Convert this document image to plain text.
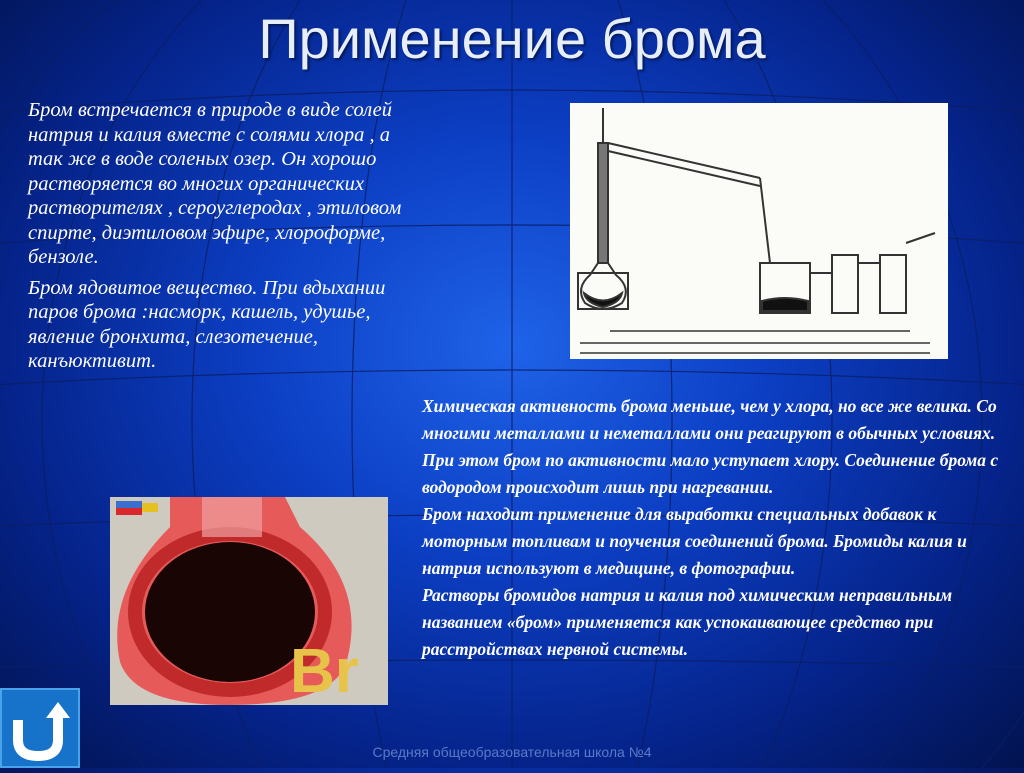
Применение брома

Бром встречается в природе в виде солей натрия и калия вместе с солями хлора , а так же в воде соленых озер. Он хорошо растворяется во многих органических растворителях , сероуглеродах , этиловом спирте, диэтиловом эфире, хлороформе, бензоле.

Бром ядовитое вещество. При вдыхании паров брома :насморк, кашель, удушье, явление бронхита, слезотечение, канъюктивит.

Химическая активность брома меньше, чем у хлора, но все же велика. Со многими металлами и неметаллами они реагируют в обычных условиях. При этом бром по активности мало уступает хлору. Соединение брома с водородом происходит лишь при нагревании.

Бром находит применение для выработки специальных добавок к моторным топливам и поучения соединений брома. Бромиды калия и натрия используют в медицине, в фотографии.

Растворы бромидов натрия и калия под химическим неправильным названием «бром» применяется как успокаивающее средство при расстройствах нервной системы.

Br
Средняя общеобразовательная школа №4
